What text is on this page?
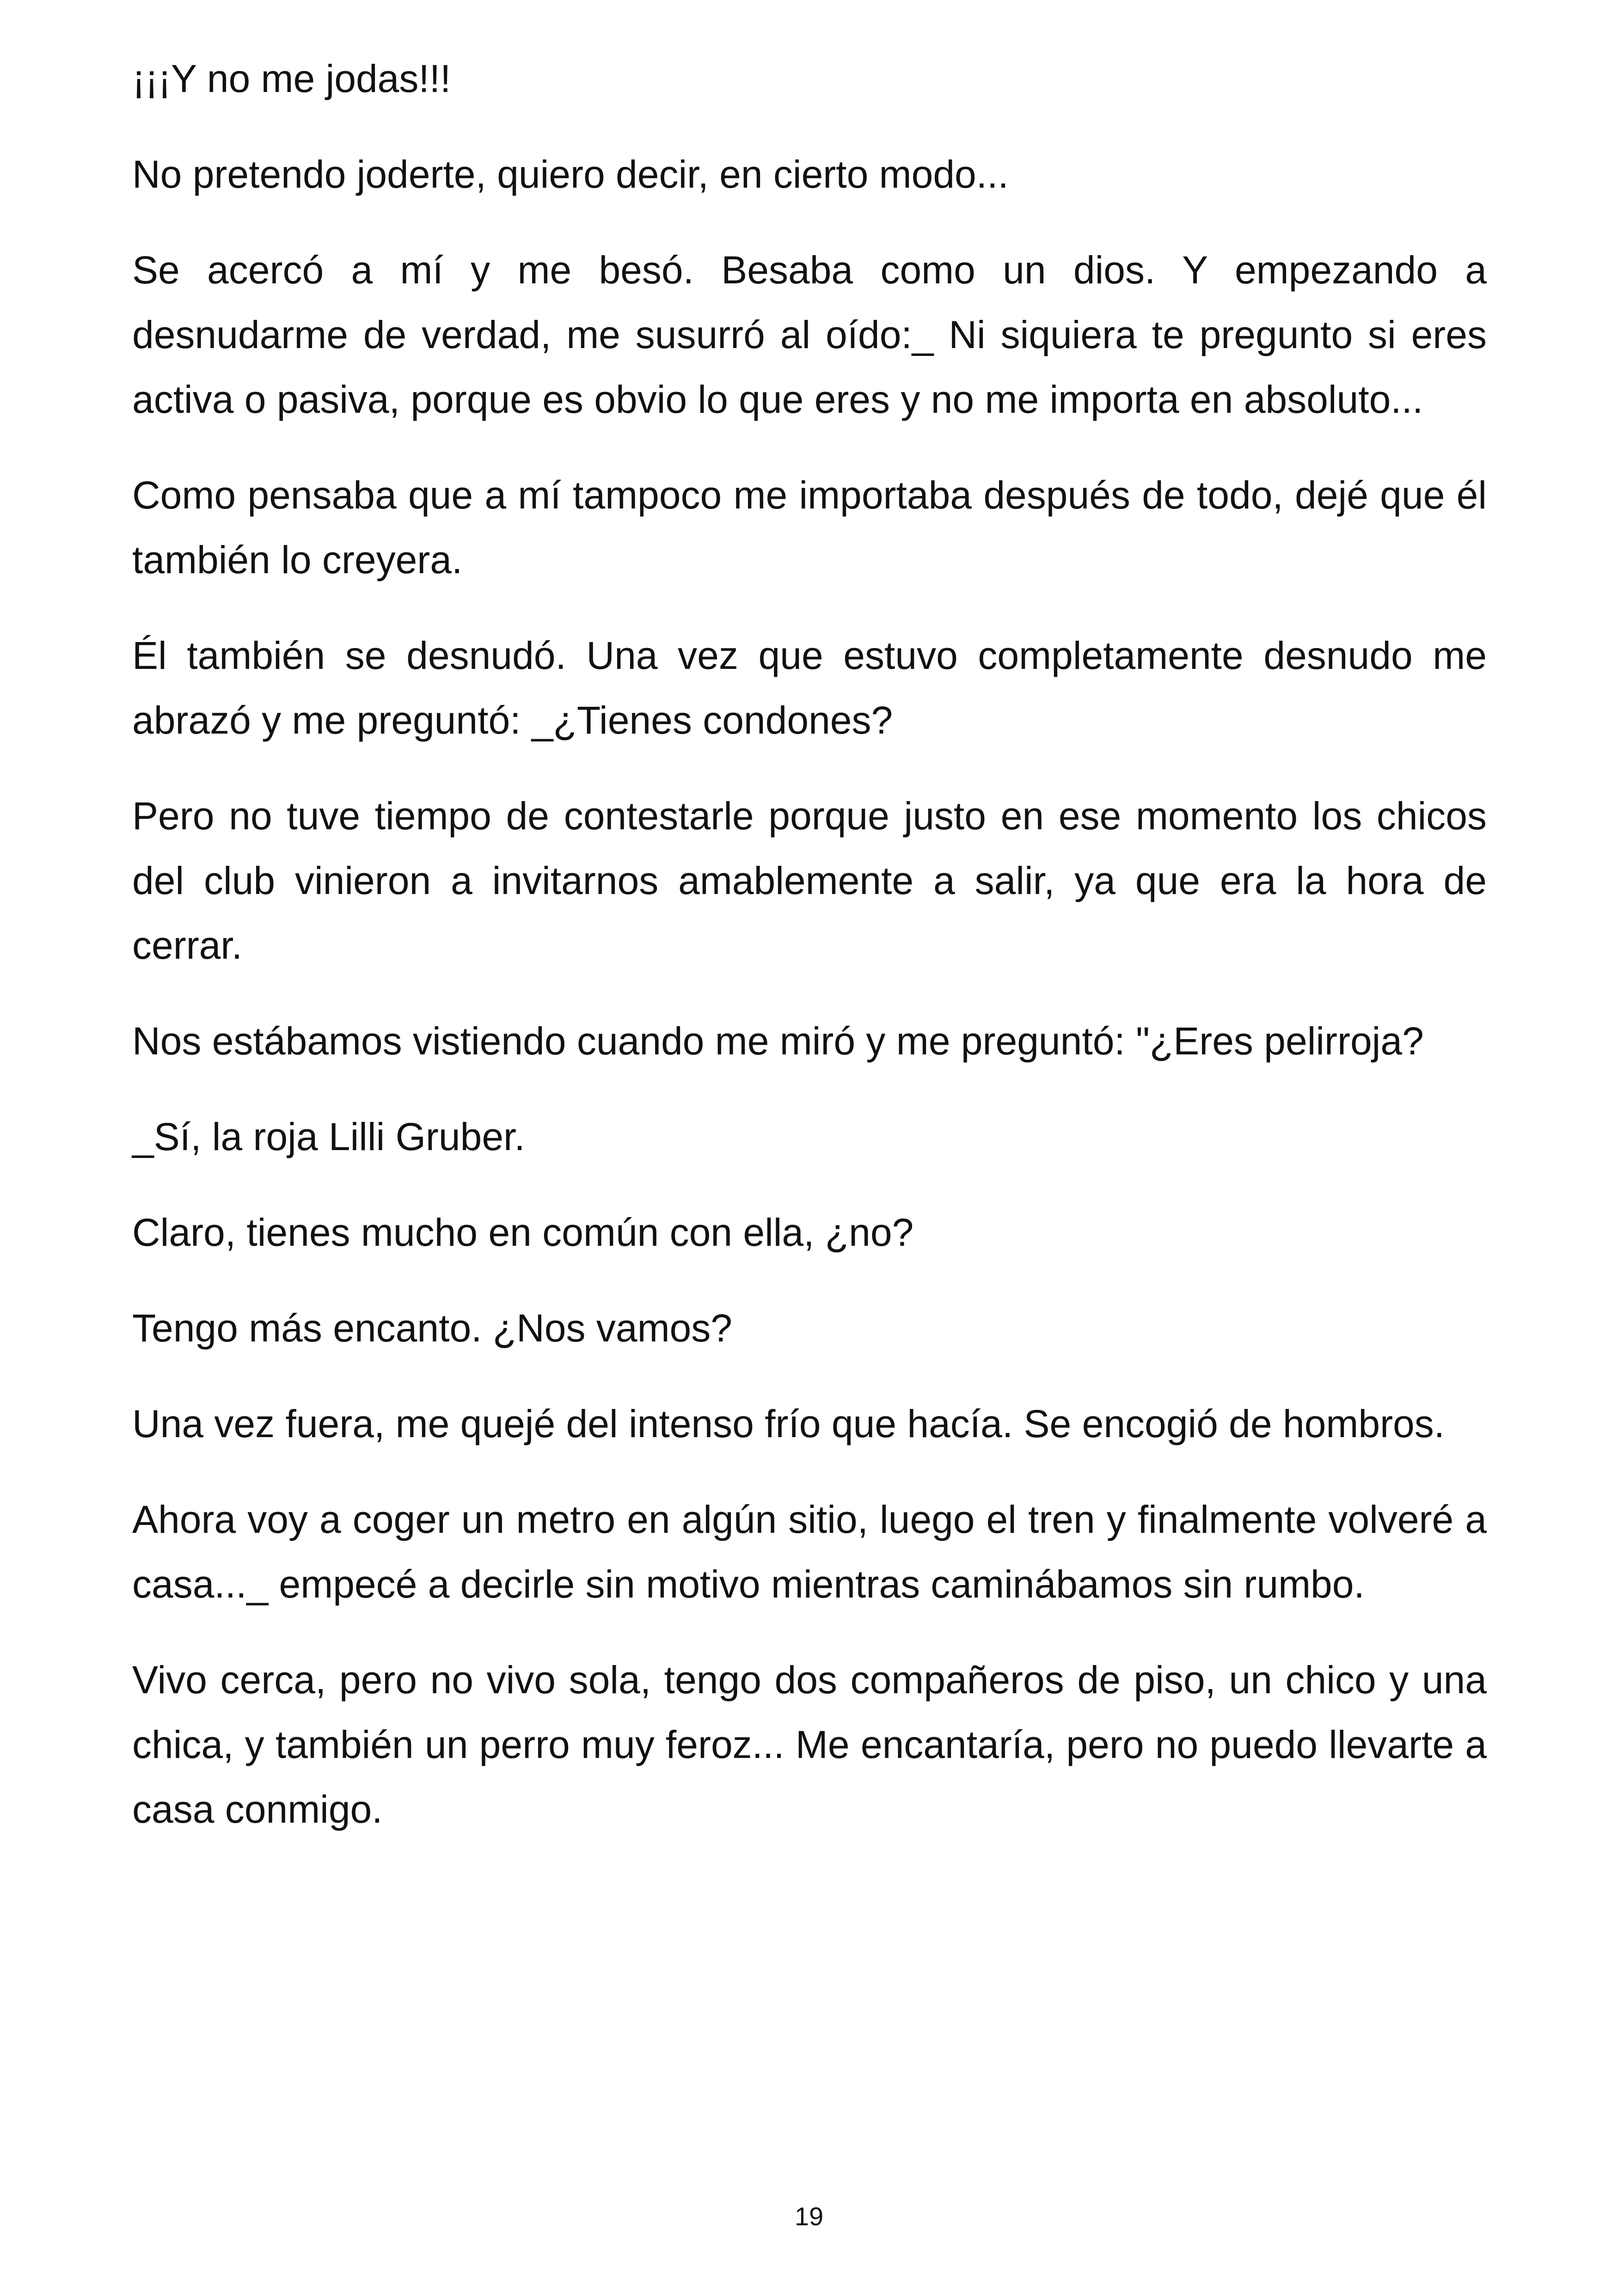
¡¡¡Y no me jodas!!!

No pretendo joderte, quiero decir, en cierto modo...

Se acercó a mí y me besó. Besaba como un dios. Y empezando a desnudarme de verdad, me susurró al oído:_ Ni siquiera te pregunto si eres activa o pasiva, porque es obvio lo que eres y no me importa en absoluto...

Como pensaba que a mí tampoco me importaba después de todo, dejé que él también lo creyera.

Él también se desnudó. Una vez que estuvo completamente desnudo me abrazó y me preguntó: _¿Tienes condones?

Pero no tuve tiempo de contestarle porque justo en ese momento los chicos del club vinieron a invitarnos amablemente a salir, ya que era la hora de cerrar.

Nos estábamos vistiendo cuando me miró y me preguntó: "¿Eres pelirroja?

_Sí, la roja Lilli Gruber.

Claro, tienes mucho en común con ella, ¿no?

Tengo más encanto. ¿Nos vamos?

Una vez fuera, me quejé del intenso frío que hacía. Se encogió de hombros.

Ahora voy a coger un metro en algún sitio, luego el tren y finalmente volveré a casa..._ empecé a decirle sin motivo mientras caminábamos sin rumbo.

Vivo cerca, pero no vivo sola, tengo dos compañeros de piso, un chico y una chica, y también un perro muy feroz... Me encantaría, pero no puedo llevarte a casa conmigo.

19
